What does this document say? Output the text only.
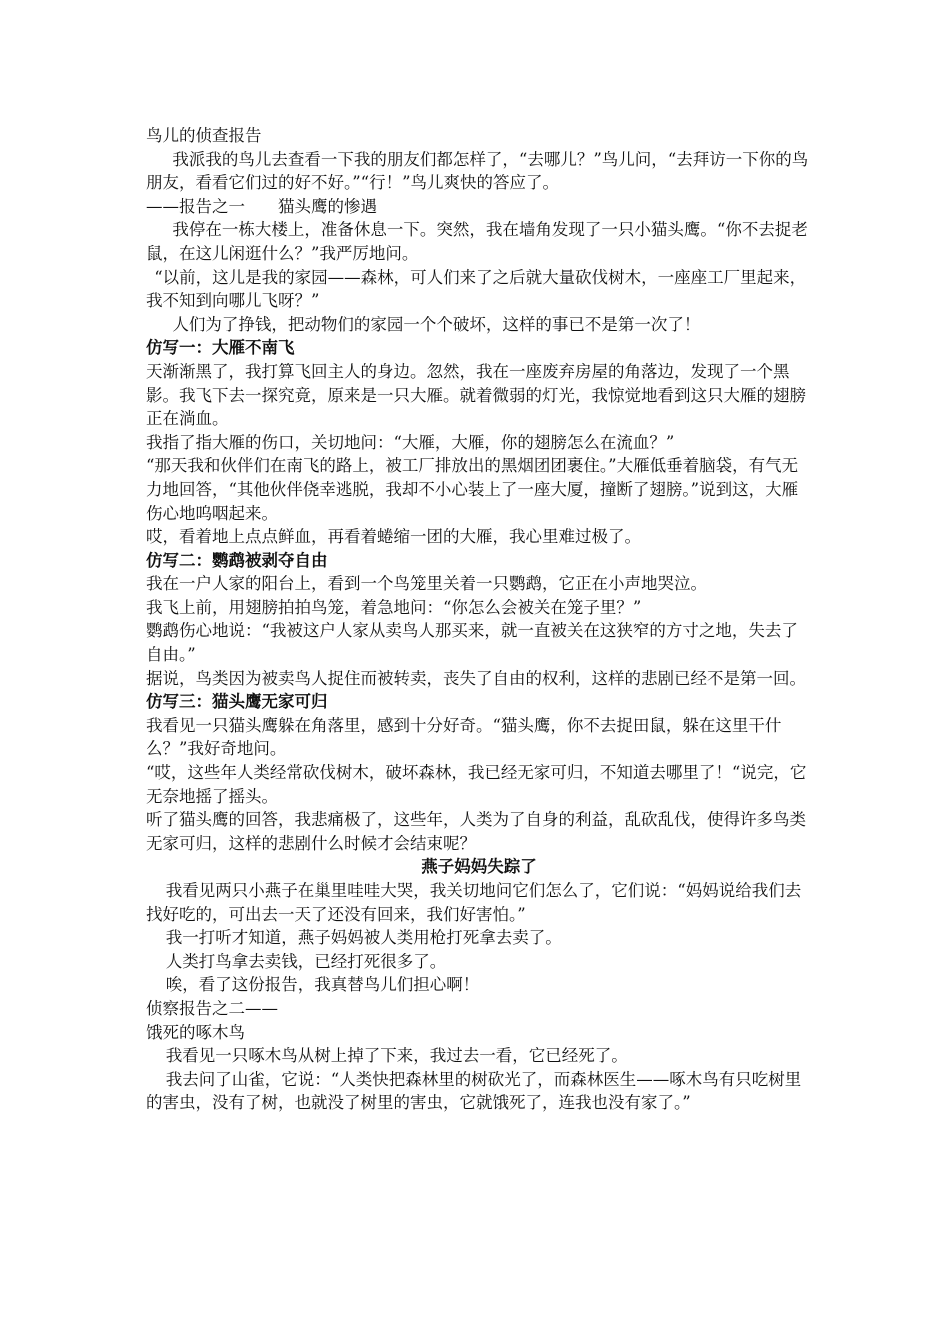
鸟儿的侦查报告

我派我的鸟儿去查看一下我的朋友们都怎样了，“去哪儿？”鸟儿问，“去拜访一下你的鸟朋友，看看它们过的好不好。”“行！”鸟儿爽快的答应了。

——报告之一　　猫头鹰的惨遇

我停在一栋大楼上，准备休息一下。突然，我在墙角发现了一只小猫头鹰。“你不去捉老鼠，在这儿闲逛什么？”我严厉地问。

“以前，这儿是我的家园——森林，可人们来了之后就大量砍伐树木，一座座工厂里起来，我不知到向哪儿飞呀？”

人们为了挣钱，把动物们的家园一个个破坏，这样的事已不是第一次了！

仿写一：大雁不南飞

天渐渐黑了，我打算飞回主人的身边。忽然，我在一座废弃房屋的角落边，发现了一个黑影。我飞下去一探究竟，原来是一只大雁。就着微弱的灯光，我惊觉地看到这只大雁的翅膀正在淌血。

我指了指大雁的伤口，关切地问：“大雁，大雁，你的翅膀怎么在流血？”

“那天我和伙伴们在南飞的路上，被工厂排放出的黑烟团团裹住。”大雁低垂着脑袋，有气无力地回答，“其他伙伴侥幸逃脱，我却不小心装上了一座大厦，撞断了翅膀。”说到这，大雁伤心地呜咽起来。

哎，看着地上点点鲜血，再看着蜷缩一团的大雁，我心里难过极了。

仿写二：鹦鹉被剥夺自由

我在一户人家的阳台上，看到一个鸟笼里关着一只鹦鹉，它正在小声地哭泣。

我飞上前，用翅膀拍拍鸟笼，着急地问：“你怎么会被关在笼子里？”

鹦鹉伤心地说：“我被这户人家从卖鸟人那买来，就一直被关在这狭窄的方寸之地，失去了自由。”

据说，鸟类因为被卖鸟人捉住而被转卖，丧失了自由的权利，这样的悲剧已经不是第一回。

仿写三：猫头鹰无家可归

我看见一只猫头鹰躲在角落里，感到十分好奇。“猫头鹰，你不去捉田鼠，躲在这里干什么？”我好奇地问。

“哎，这些年人类经常砍伐树木，破坏森林，我已经无家可归，不知道去哪里了！“说完，它无奈地摇了摇头。

听了猫头鹰的回答，我悲痛极了，这些年，人类为了自身的利益，乱砍乱伐，使得许多鸟类无家可归，这样的悲剧什么时候才会结束呢？

燕子妈妈失踪了

我看见两只小燕子在巢里哇哇大哭，我关切地问它们怎么了，它们说：“妈妈说给我们去找好吃的，可出去一天了还没有回来，我们好害怕。”

我一打听才知道，燕子妈妈被人类用枪打死拿去卖了。

人类打鸟拿去卖钱，已经打死很多了。

唉，看了这份报告，我真替鸟儿们担心啊！

侦察报告之二——

饿死的啄木鸟

我看见一只啄木鸟从树上掉了下来，我过去一看，它已经死了。

我去问了山雀，它说：“人类快把森林里的树砍光了，而森林医生——啄木鸟有只吃树里的害虫，没有了树，也就没了树里的害虫，它就饿死了，连我也没有家了。”
